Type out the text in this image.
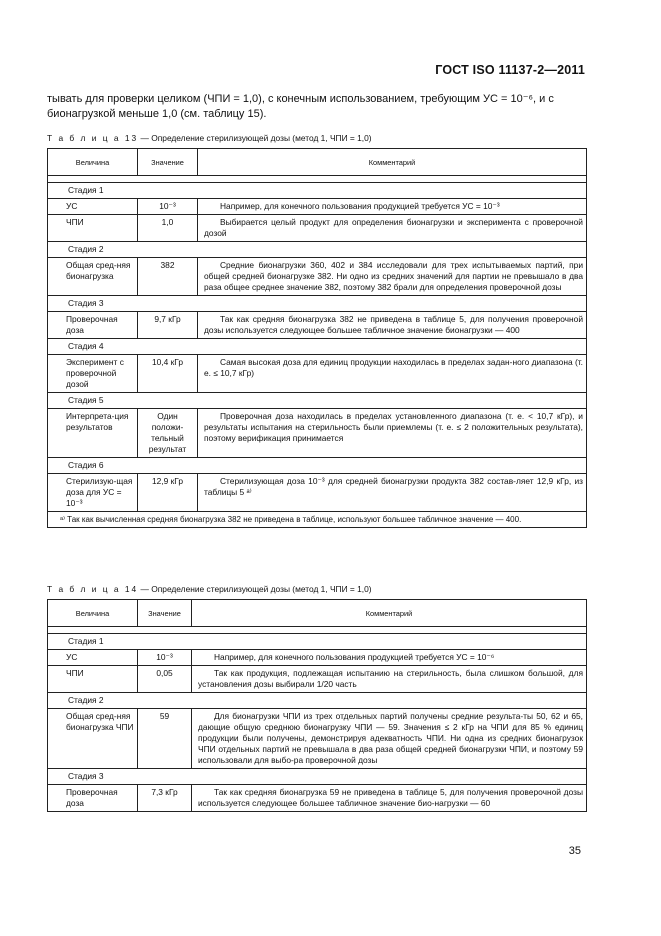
ГОСТ ISO 11137-2—2011
тывать для проверки целиком (ЧПИ = 1,0), с конечным использованием, требующим УС = 10⁻⁶, и с бионагрузкой меньше 1,0 (см. таблицу 15).
Т а б л и ц а 13 — Определение стерилизующей дозы (метод 1, ЧПИ = 1,0)
Величина	Значение	Комментарий

Стадия 1		
УС	10⁻³	Например, для конечного пользования продукцией требуется УС = 10⁻³
ЧПИ	1,0	Выбирается целый продукт для определения бионагрузки и эксперимента с проверочной дозой
Стадия 2		
Общая сред-няя бионагрузка	382	Средние бионагрузки 360, 402 и 384 исследовали для трех испытываемых партий, при общей средней бионагрузке 382. Ни одно из средних значений для партии не превышало в два раза общее среднее значение 382, поэтому 382 брали для определения проверочной дозы
Стадия 3		
Проверочная доза	9,7 кГр	Так как средняя бионагрузка 382 не приведена в таблице 5, для получения проверочной дозы используется следующее большее табличное значение бионагрузки — 400
Стадия 4		
Эксперимент с проверочной дозой	10,4 кГр	Самая высокая доза для единиц продукции находилась в пределах задан-ного диапазона (т. е. ≤ 10,7 кГр)
Стадия 5		
Интерпрета-ция результатов	Один положи-тельный результат	Проверочная доза находилась в пределах установленного диапазона (т. е. < 10,7 кГр), и результаты испытания на стерильность были приемлемы (т. е. ≤ 2 положительных результата), поэтому верификация принимается
Стадия 6		
Стерилизую-щая доза для УС = 10⁻³	12,9 кГр	Стерилизующая доза 10⁻³ для средней бионагрузки продукта 382 состав-ляет 12,9 кГр, из таблицы 5 ᵃ⁾
ᵃ⁾ Так как вычисленная средняя бионагрузка 382 не приведена в таблице, используют большее табличное значение — 400.		
Т а б л и ц а 14 — Определение стерилизующей дозы (метод 1, ЧПИ = 1,0)
Величина	Значение	Комментарий

Стадия 1		
УС	10⁻³	Например, для конечного пользования продукцией требуется УС = 10⁻⁶
ЧПИ	0,05	Так как продукция, подлежащая испытанию на стерильность, была слишком большой, для установления дозы выбирали 1/20 часть
Стадия 2		
Общая сред-няя бионагрузка ЧПИ	59	Для бионагрузки ЧПИ из трех отдельных партий получены средние результа-ты 50, 62 и 65, дающие общую среднюю бионагрузку ЧПИ — 59. Значения ≤ 2 кГр на ЧПИ для 85 % единиц продукции были получены, демонстрируя адекватность ЧПИ. Ни одна из средних бионагрузок ЧПИ отдельных партий не превышала в два раза общей средней бионагрузки ЧПИ, и поэтому 59 использовали для выбо-ра проверочной дозы
Стадия 3		
Проверочная доза	7,3 кГр	Так как средняя бионагрузка 59 не приведена в таблице 5, для получения проверочной дозы используется следующее большее табличное значение био-нагрузки — 60
35
